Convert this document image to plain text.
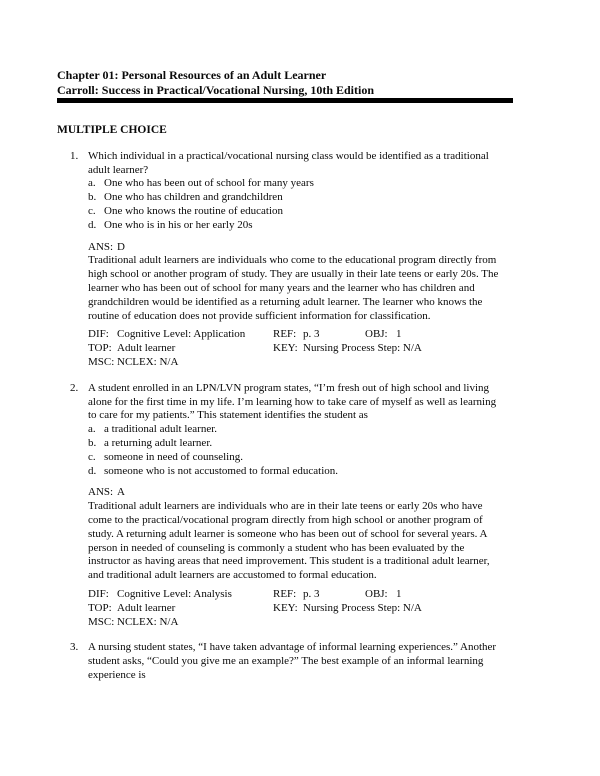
Chapter 01: Personal Resources of an Adult Learner
Carroll: Success in Practical/Vocational Nursing, 10th Edition
MULTIPLE CHOICE
1. Which individual in a practical/vocational nursing class would be identified as a traditional adult learner?
a. One who has been out of school for many years
b. One who has children and grandchildren
c. One who knows the routine of education
d. One who is in his or her early 20s
ANS: D
Traditional adult learners are individuals who come to the educational program directly from high school or another program of study. They are usually in their late teens or early 20s. The learner who has been out of school for many years and the learner who has children and grandchildren would be identified as a returning adult learner. The learner who knows the routine of education does not provide sufficient information for classification.
DIF: Cognitive Level: Application	REF: p. 3	OBJ: 1
TOP: Adult learner	KEY: Nursing Process Step: N/A
MSC: NCLEX: N/A
2. A student enrolled in an LPN/LVN program states, “I’m fresh out of high school and living alone for the first time in my life. I’m learning how to take care of myself as well as learning to care for my patients.” This statement identifies the student as
a. a traditional adult learner.
b. a returning adult learner.
c. someone in need of counseling.
d. someone who is not accustomed to formal education.
ANS: A
Traditional adult learners are individuals who are in their late teens or early 20s who have come to the practical/vocational program directly from high school or another program of study. A returning adult learner is someone who has been out of school for several years. A person in needed of counseling is commonly a student who has been evaluated by the instructor as having areas that need improvement. This student is a traditional adult learner, and traditional adult learners are accustomed to formal education.
DIF: Cognitive Level: Analysis	REF: p. 3	OBJ: 1
TOP: Adult learner	KEY: Nursing Process Step: N/A
MSC: NCLEX: N/A
3. A nursing student states, “I have taken advantage of informal learning experiences.” Another student asks, “Could you give me an example?” The best example of an informal learning experience is
